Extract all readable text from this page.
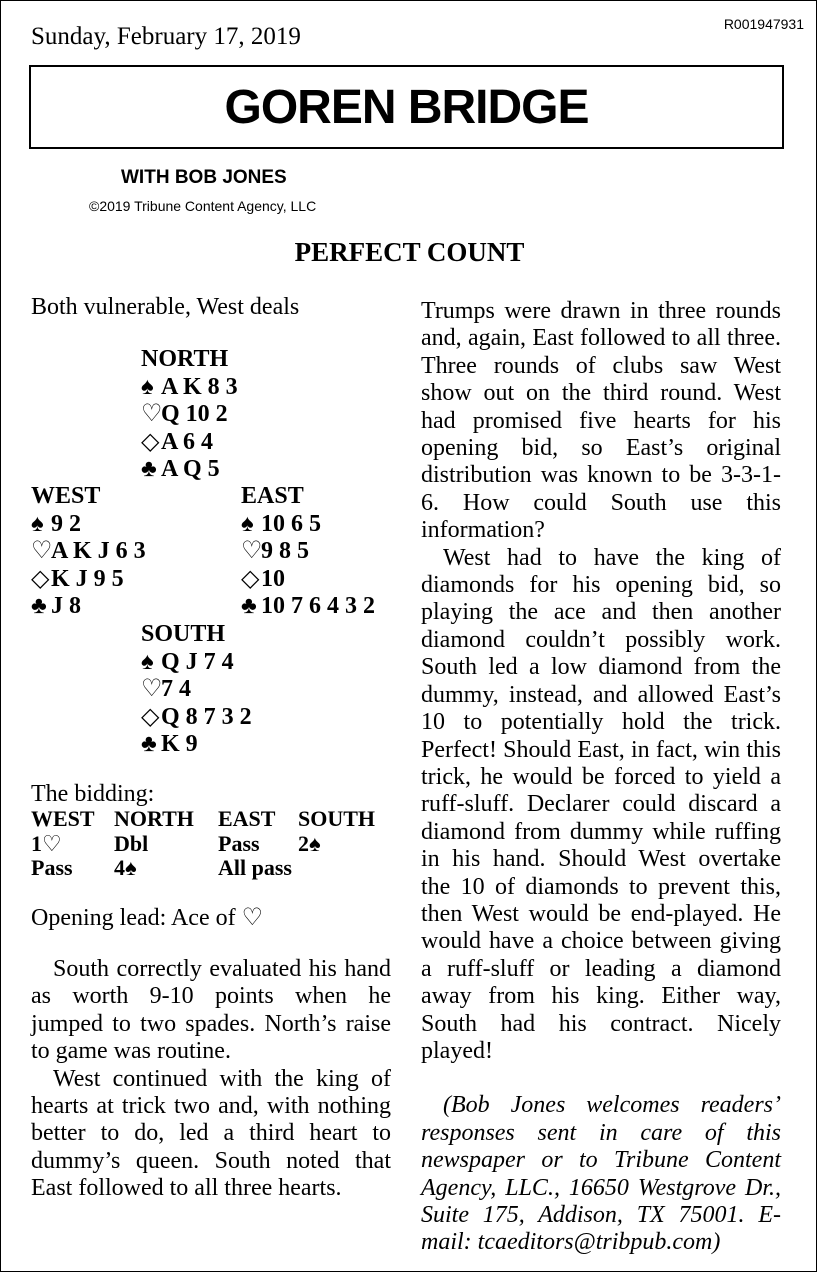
Sunday, February 17, 2019	R001947931
GOREN BRIDGE
WITH BOB JONES
©2019 Tribune Content Agency, LLC
PERFECT COUNT
Both vulnerable, West deals
NORTH
♠ A K 8 3
♡Q 10 2
◇A 6 4
♣ A Q 5
WEST
♠ 9 2
♡A K J 6 3
◇K J 9 5
♣ J 8
EAST
♠ 10 6 5
♡9 8 5
◇10
♣ 10 7 6 4 3 2
SOUTH
♠ Q J 7 4
♡7 4
◇Q 8 7 3 2
♣ K 9
The bidding:
WEST	NORTH	EAST	SOUTH
1♡	Dbl	Pass	2♠
Pass	4♠	All pass	
Opening lead: Ace of ♡

South correctly evaluated his hand as worth 9-10 points when he jumped to two spades. North’s raise to game was routine.

West continued with the king of hearts at trick two and, with nothing better to do, led a third heart to dummy’s queen. South noted that East followed to all three hearts.

Trumps were drawn in three rounds and, again, East followed to all three. Three rounds of clubs saw West show out on the third round. West had promised five hearts for his opening bid, so East’s original distribution was known to be 3-3-1-6. How could South use this information?

West had to have the king of diamonds for his opening bid, so playing the ace and then another diamond couldn’t possibly work. South led a low diamond from the dummy, instead, and allowed East’s 10 to potentially hold the trick. Perfect! Should East, in fact, win this trick, he would be forced to yield a ruff-sluff. Declarer could discard a diamond from dummy while ruffing in his hand. Should West overtake the 10 of diamonds to prevent this, then West would be end-played. He would have a choice between giving a ruff-sluff or leading a diamond away from his king. Either way, South had his contract. Nicely played!

(Bob Jones welcomes readers’ responses sent in care of this newspaper or to Tribune Content Agency, LLC., 16650 Westgrove Dr., Suite 175, Addison, TX 75001. E-mail: tcaeditors@tribpub.com)
